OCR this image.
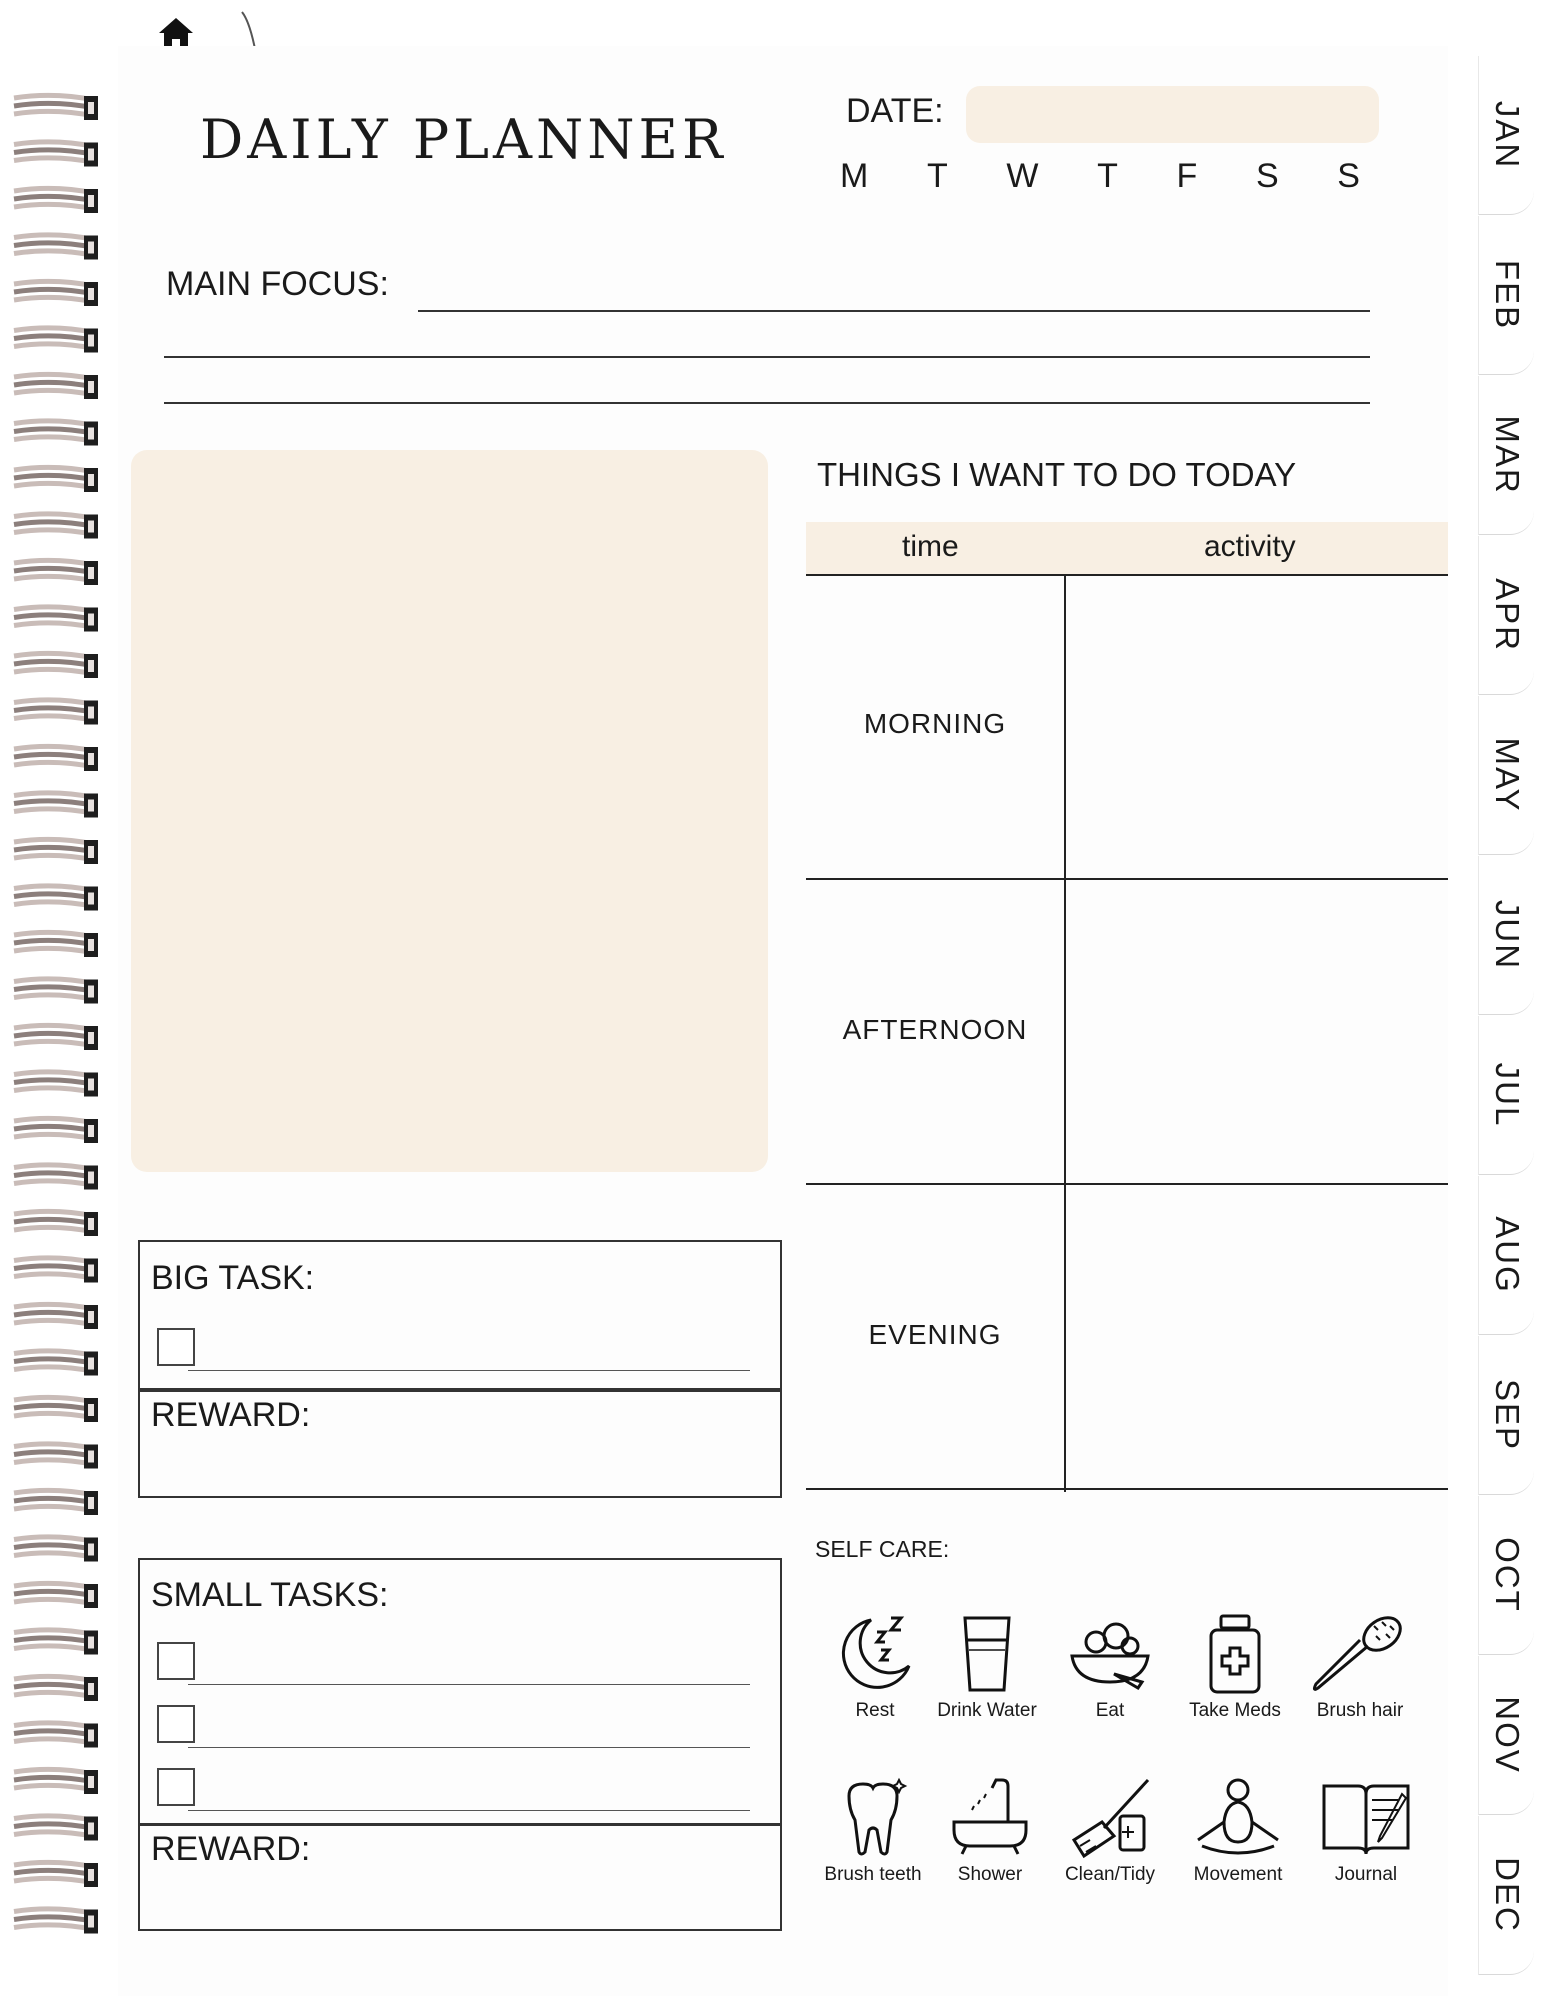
DAILY PLANNER	DATE:
M T W T F S S
MAIN FOCUS:
THINGS I WANT TO DO TODAY
time	activity
MORNING
AFTERNOON
EVENING
BIG TASK:
REWARD:
SMALL TASKS:
REWARD:
SELF CARE:
Rest	Drink Water	Eat	Take Meds	Brush hair
Brush teeth	Shower	Clean/Tidy	Movement	Journal
JAN
FEB
MAR
APR
MAY
JUN
JUL
AUG
SEP
OCT
NOV
DEC
